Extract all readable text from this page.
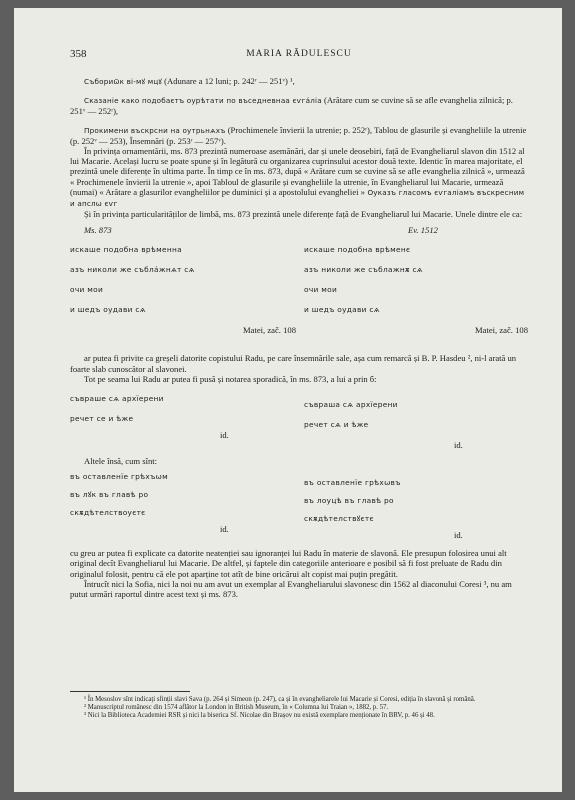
358	MARIA RĂDULESCU

Събориѿк ві-мꙋ мцꙋ (Adunare a 12 luni; p. 242ʳ — 251ᵛ) ¹,

Сказаніе како подобаєтъ оурѣтати по въседневнаа єѵга́ліа (Arătare cum se cuvine să se afle evangheliа zilnică; p. 251ᵛ — 252ʳ),

Прокимени въскрсни на оутрьнѧхъ (Prochimenele învierii la utrenie; p. 252ʳ), Tablou de glasurile și evangheliile la utrenie (p. 252ᵛ — 253), Însemnări (p. 253ʳ — 257ᵛ).

În privința ornamentării, ms. 873 prezintă numeroase asemănări, dar și unele deosebiri, față de Evangheliarul slavon din 1512 al lui Macarie. Același lucru se poate spune și în legătură cu organizarea cuprinsului acestor două texte. Identic în marea majoritate, el prezintă unele diferențe în ultima parte. În timp ce în ms. 873, după « Arătare cum se cuvine să se afle evangheliа zilnică », urmează « Prochimenele învierii la utrenie », apoi Tabloul de glasurile și evangheliile la utrenie, în Evangheliarul lui Macarie, urmează (numai) « Arătare a glasurilor evangheliilor pe duminici și a apostolului evangheliei » Оуказъ гласомъ єѵгаліамъ въскресним и апслѡ єѵг

Și în privința particularităților de limbă, ms. 873 prezintă unele diferențe față de Evangheliarul lui Macarie. Unele dintre ele ca:

Ms. 873
искаше подобна врѣменна
азъ николи же събла́жнѧт сѧ
очи мои
и шедъ оудави сѧ
Matei, zač. 108
Ev. 1512
искаше подобна врѣменє
азъ николи же съблажнѫ сѧ
очи мои
и шедъ оудави сѧ
Matei, zač. 108

ar putea fi privite ca greșeli datorite copistului Radu, pe care însemnările sale, așa cum remarcă și B. P. Hasdeu ², ni-l arată un foarte slab cunoscător al slavonei.

Tot pe seama lui Radu ar putea fi pusă și notarea sporadică, în ms. 873, a lui а prin б:

съвраше сѧ архїерени
речет се и ѣже
id.
съвраша сѧ архїерени
речет сѧ и ѣже
id.

Altele însă, cum sînt:

въ оставленїе грѣхъѡм
въ лꙋк въ главѣ ро
скѫдѣтелствоуєтє
id.
въ оставленїе грѣхѡвъ
въ лоуцѣ въ главѣ ро
скѫдѣтелствꙋєтє
id.

cu greu ar putea fi explicate ca datorite neatenției sau ignoranței lui Radu în materie de slavonă. Ele presupun folosirea unui alt original decît Evangheliarul lui Macarie. De altfel, și faptele din categoriile anterioare e posibil să fi fost preluate de Radu din originalul folosit, pentru că ele pot aparține tot atît de bine oricărui alt copist mai puțin pregătit.

Întrucît nici la Sofia, nici la noi nu am avut un exemplar al Evangheliarului slavonesc din 1562 al diaconului Coresi ³, nu am putut urmări raportul dintre acest text și ms. 873.

¹ În Mesoslov sînt indicați sfinții slavi Sava (p. 264 și Simeon (p. 247), ca și în evangheliarele lui Macarie și Coresi, ediția în slavonă și română.

² Manuscriptul românesc din 1574 aflător la London in British Museum, în « Columna lui Traian », 1882, p. 57.

³ Nici la Biblioteca Academiei RSR și nici la biserica Sf. Nicolae din Brașov nu există exemplare menționate în BRV, p. 46 și 48.
